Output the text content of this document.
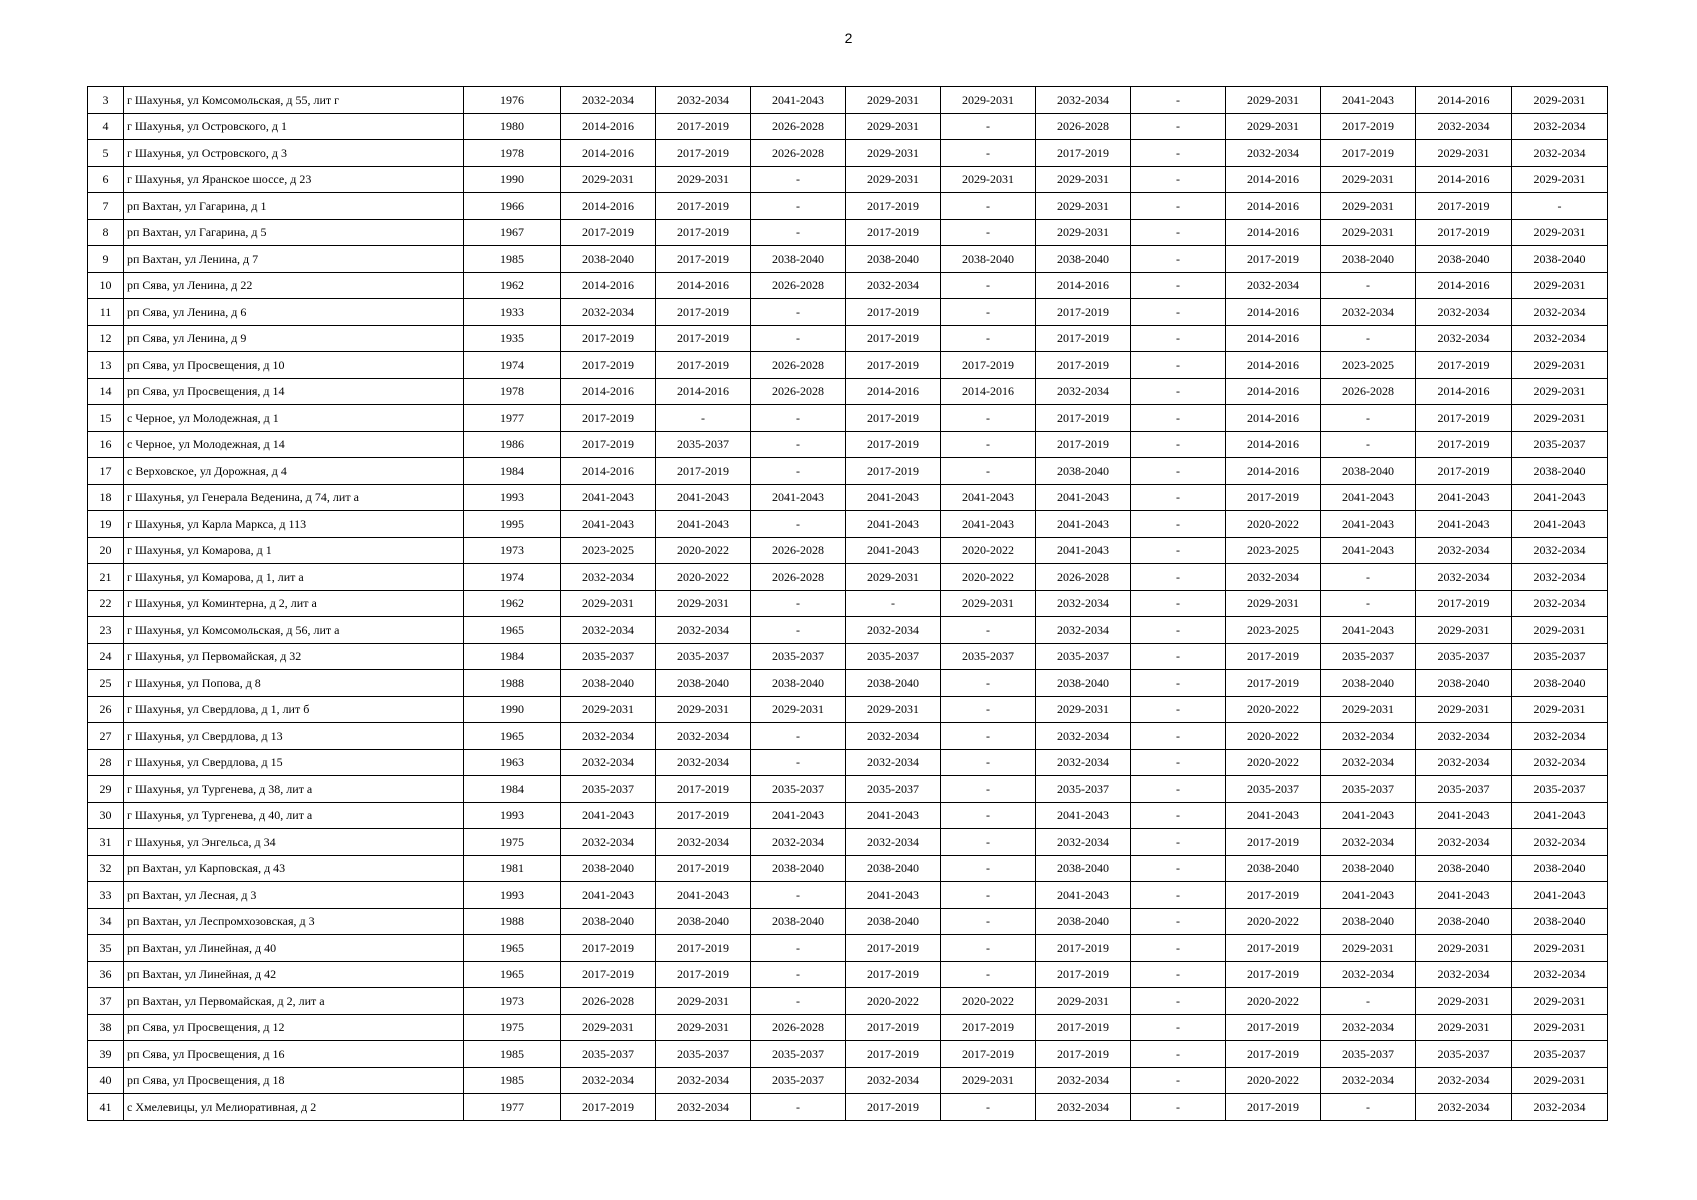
2
3	г Шахунья, ул Комсомольская, д 55, лит г	1976	2032-2034	2032-2034	2041-2043	2029-2031	2029-2031	2032-2034	-	2029-2031	2041-2043	2014-2016	2029-2031
4	г Шахунья, ул Островского, д 1	1980	2014-2016	2017-2019	2026-2028	2029-2031	-	2026-2028	-	2029-2031	2017-2019	2032-2034	2032-2034
5	г Шахунья, ул Островского, д 3	1978	2014-2016	2017-2019	2026-2028	2029-2031	-	2017-2019	-	2032-2034	2017-2019	2029-2031	2032-2034
6	г Шахунья, ул Яранское шоссе, д 23	1990	2029-2031	2029-2031	-	2029-2031	2029-2031	2029-2031	-	2014-2016	2029-2031	2014-2016	2029-2031
7	рп Вахтан, ул Гагарина, д 1	1966	2014-2016	2017-2019	-	2017-2019	-	2029-2031	-	2014-2016	2029-2031	2017-2019	-
8	рп Вахтан, ул Гагарина, д 5	1967	2017-2019	2017-2019	-	2017-2019	-	2029-2031	-	2014-2016	2029-2031	2017-2019	2029-2031
9	рп Вахтан, ул Ленина, д 7	1985	2038-2040	2017-2019	2038-2040	2038-2040	2038-2040	2038-2040	-	2017-2019	2038-2040	2038-2040	2038-2040
10	рп Сява, ул Ленина, д 22	1962	2014-2016	2014-2016	2026-2028	2032-2034	-	2014-2016	-	2032-2034	-	2014-2016	2029-2031
11	рп Сява, ул Ленина, д 6	1933	2032-2034	2017-2019	-	2017-2019	-	2017-2019	-	2014-2016	2032-2034	2032-2034	2032-2034
12	рп Сява, ул Ленина, д 9	1935	2017-2019	2017-2019	-	2017-2019	-	2017-2019	-	2014-2016	-	2032-2034	2032-2034
13	рп Сява, ул Просвещения, д 10	1974	2017-2019	2017-2019	2026-2028	2017-2019	2017-2019	2017-2019	-	2014-2016	2023-2025	2017-2019	2029-2031
14	рп Сява, ул Просвещения, д 14	1978	2014-2016	2014-2016	2026-2028	2014-2016	2014-2016	2032-2034	-	2014-2016	2026-2028	2014-2016	2029-2031
15	с Черное, ул Молодежная, д 1	1977	2017-2019	-	-	2017-2019	-	2017-2019	-	2014-2016	-	2017-2019	2029-2031
16	с Черное, ул Молодежная, д 14	1986	2017-2019	2035-2037	-	2017-2019	-	2017-2019	-	2014-2016	-	2017-2019	2035-2037
17	с Верховское, ул Дорожная, д 4	1984	2014-2016	2017-2019	-	2017-2019	-	2038-2040	-	2014-2016	2038-2040	2017-2019	2038-2040
18	г Шахунья, ул Генерала Веденина, д 74, лит а	1993	2041-2043	2041-2043	2041-2043	2041-2043	2041-2043	2041-2043	-	2017-2019	2041-2043	2041-2043	2041-2043
19	г Шахунья, ул Карла Маркса, д 113	1995	2041-2043	2041-2043	-	2041-2043	2041-2043	2041-2043	-	2020-2022	2041-2043	2041-2043	2041-2043
20	г Шахунья, ул Комарова, д 1	1973	2023-2025	2020-2022	2026-2028	2041-2043	2020-2022	2041-2043	-	2023-2025	2041-2043	2032-2034	2032-2034
21	г Шахунья, ул Комарова, д 1, лит а	1974	2032-2034	2020-2022	2026-2028	2029-2031	2020-2022	2026-2028	-	2032-2034	-	2032-2034	2032-2034
22	г Шахунья, ул Коминтерна, д 2, лит а	1962	2029-2031	2029-2031	-	-	2029-2031	2032-2034	-	2029-2031	-	2017-2019	2032-2034
23	г Шахунья, ул Комсомольская, д 56, лит а	1965	2032-2034	2032-2034	-	2032-2034	-	2032-2034	-	2023-2025	2041-2043	2029-2031	2029-2031
24	г Шахунья, ул Первомайская, д 32	1984	2035-2037	2035-2037	2035-2037	2035-2037	2035-2037	2035-2037	-	2017-2019	2035-2037	2035-2037	2035-2037
25	г Шахунья, ул Попова, д 8	1988	2038-2040	2038-2040	2038-2040	2038-2040	-	2038-2040	-	2017-2019	2038-2040	2038-2040	2038-2040
26	г Шахунья, ул Свердлова, д 1, лит б	1990	2029-2031	2029-2031	2029-2031	2029-2031	-	2029-2031	-	2020-2022	2029-2031	2029-2031	2029-2031
27	г Шахунья, ул Свердлова, д 13	1965	2032-2034	2032-2034	-	2032-2034	-	2032-2034	-	2020-2022	2032-2034	2032-2034	2032-2034
28	г Шахунья, ул Свердлова, д 15	1963	2032-2034	2032-2034	-	2032-2034	-	2032-2034	-	2020-2022	2032-2034	2032-2034	2032-2034
29	г Шахунья, ул Тургенева, д 38, лит а	1984	2035-2037	2017-2019	2035-2037	2035-2037	-	2035-2037	-	2035-2037	2035-2037	2035-2037	2035-2037
30	г Шахунья, ул Тургенева, д 40, лит а	1993	2041-2043	2017-2019	2041-2043	2041-2043	-	2041-2043	-	2041-2043	2041-2043	2041-2043	2041-2043
31	г Шахунья, ул Энгельса, д 34	1975	2032-2034	2032-2034	2032-2034	2032-2034	-	2032-2034	-	2017-2019	2032-2034	2032-2034	2032-2034
32	рп Вахтан, ул Карповская, д 43	1981	2038-2040	2017-2019	2038-2040	2038-2040	-	2038-2040	-	2038-2040	2038-2040	2038-2040	2038-2040
33	рп Вахтан, ул Лесная, д 3	1993	2041-2043	2041-2043	-	2041-2043	-	2041-2043	-	2017-2019	2041-2043	2041-2043	2041-2043
34	рп Вахтан, ул Леспромхозовская, д 3	1988	2038-2040	2038-2040	2038-2040	2038-2040	-	2038-2040	-	2020-2022	2038-2040	2038-2040	2038-2040
35	рп Вахтан, ул Линейная, д 40	1965	2017-2019	2017-2019	-	2017-2019	-	2017-2019	-	2017-2019	2029-2031	2029-2031	2029-2031
36	рп Вахтан, ул Линейная, д 42	1965	2017-2019	2017-2019	-	2017-2019	-	2017-2019	-	2017-2019	2032-2034	2032-2034	2032-2034
37	рп Вахтан, ул Первомайская, д 2, лит а	1973	2026-2028	2029-2031	-	2020-2022	2020-2022	2029-2031	-	2020-2022	-	2029-2031	2029-2031
38	рп Сява, ул Просвещения, д 12	1975	2029-2031	2029-2031	2026-2028	2017-2019	2017-2019	2017-2019	-	2017-2019	2032-2034	2029-2031	2029-2031
39	рп Сява, ул Просвещения, д 16	1985	2035-2037	2035-2037	2035-2037	2017-2019	2017-2019	2017-2019	-	2017-2019	2035-2037	2035-2037	2035-2037
40	рп Сява, ул Просвещения, д 18	1985	2032-2034	2032-2034	2035-2037	2032-2034	2029-2031	2032-2034	-	2020-2022	2032-2034	2032-2034	2029-2031
41	с Хмелевицы, ул Мелиоративная, д 2	1977	2017-2019	2032-2034	-	2017-2019	-	2032-2034	-	2017-2019	-	2032-2034	2032-2034
